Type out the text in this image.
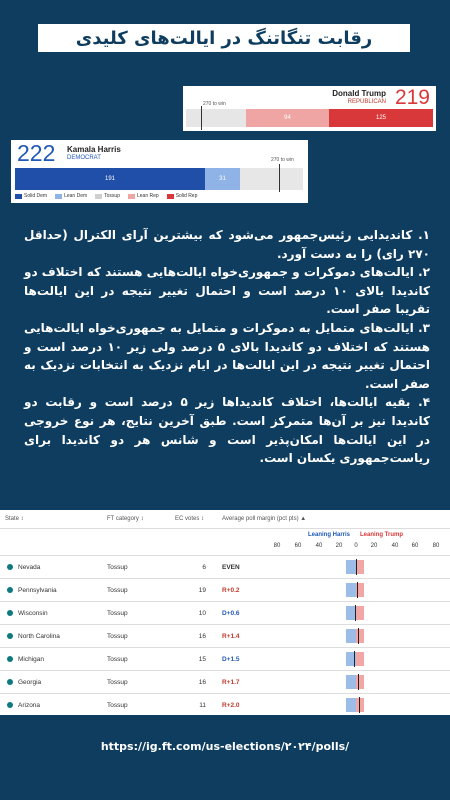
رقابت تنگاتنگ در ایالت‌های کلیدی
270 to win
Donald Trump
REPUBLICAN 219
94	125
222 Kamala Harris
DEMOCRAT	270 to win
191	31
Solid Dem	Lean Dem	Tossup	Lean Rep	Solid Rep

۱. کاندیدایی رئیس‌جمهور می‌شود که بیشترین آرای الکترال (حداقل ۲۷۰ رای) را به دست آورد.

۲. ایالت‌های دموکرات و جمهوری‌خواه ایالت‌هایی هستند که اختلاف دو کاندیدا بالای ۱۰ درصد است و احتمال تغییر نتیجه در این ایالت‌ها تقریبا صفر است.

۳. ایالت‌های متمایل به دموکرات و متمایل به جمهوری‌خواه ایالت‌هایی هستند که اختلاف دو کاندیدا بالای ۵ درصد ولی زیر ۱۰ درصد است و احتمال تغییر نتیجه در این ایالت‌ها در ایام نزدیک به انتخابات نزدیک به صفر است.

۴. بقیه ایالت‌ها، اختلاف کاندیداها زیر ۵ درصد است و رقابت دو کاندیدا نیز بر آن‌ها متمرکز است. طبق آخرین نتایج، هر نوع خروجی در این ایالت‌ها امکان‌پذیر است و شانس هر دو کاندیدا برای ریاست‌جمهوری یکسان است.

State ↕	FT category ↕	EC votes ↕	Average poll margin (pct pts) ▲
Leaning Harris Leaning Trump
80	60	40	20	0	20	40	60	80
Nevada	Tossup	6 EVEN
Pennsylvania	Tossup	19 R+0.2
Wisconsin	Tossup	10 D+0.6
North Carolina	Tossup	16 R+1.4
Michigan	Tossup	15 D+1.5
Georgia	Tossup	16 R+1.7
Arizona	Tossup	11 R+2.0
https://ig.ft.com/us-elections/۲۰۲۴/polls/
